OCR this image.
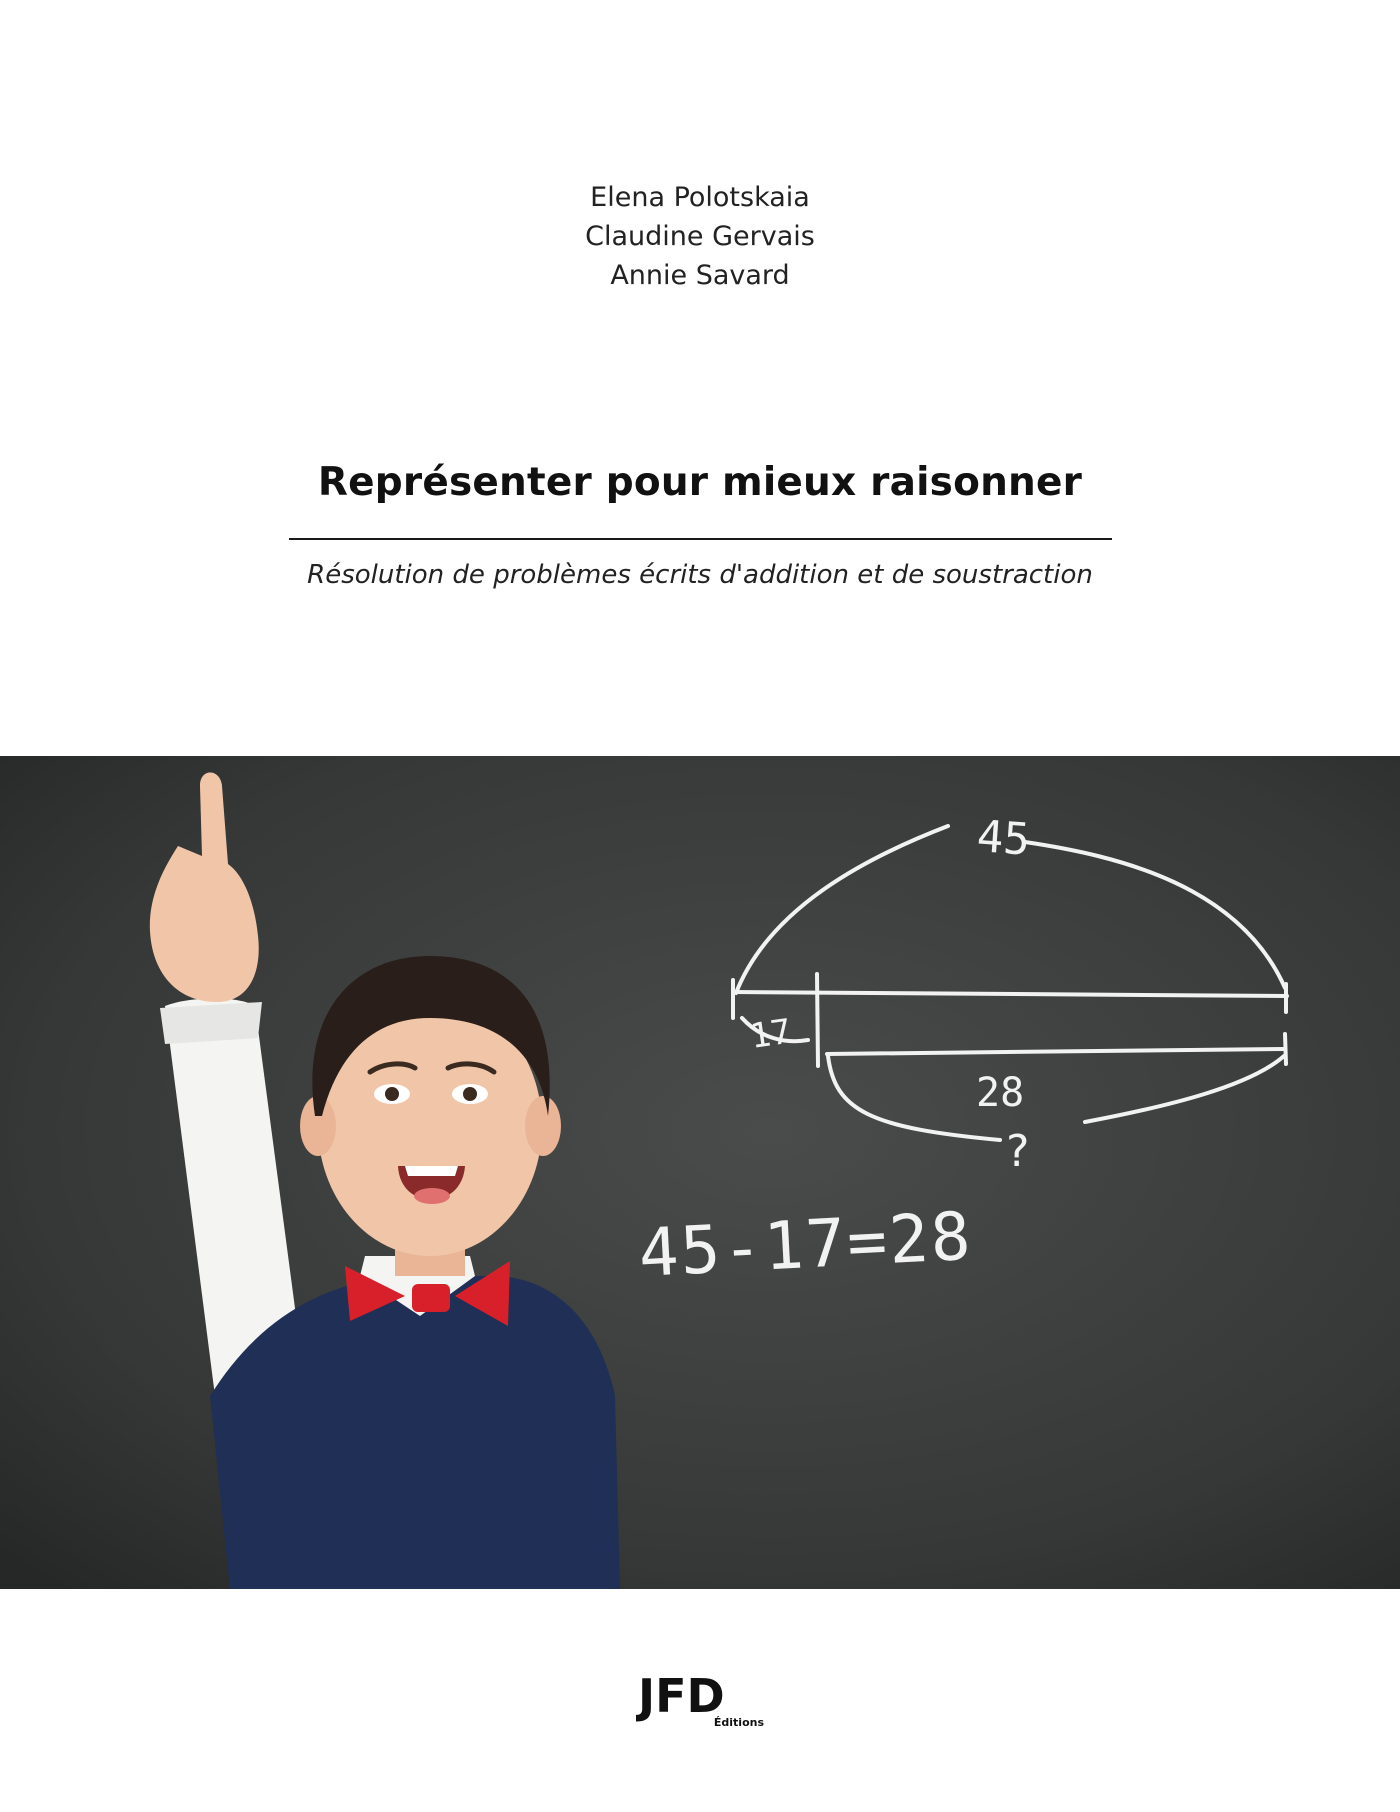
Elena Polotskaia
Claudine Gervais
Annie Savard
Représenter pour mieux raisonner
Résolution de problèmes écrits d'addition et de soustraction
45
17
28
?
45-17=28
JFD
Éditions
